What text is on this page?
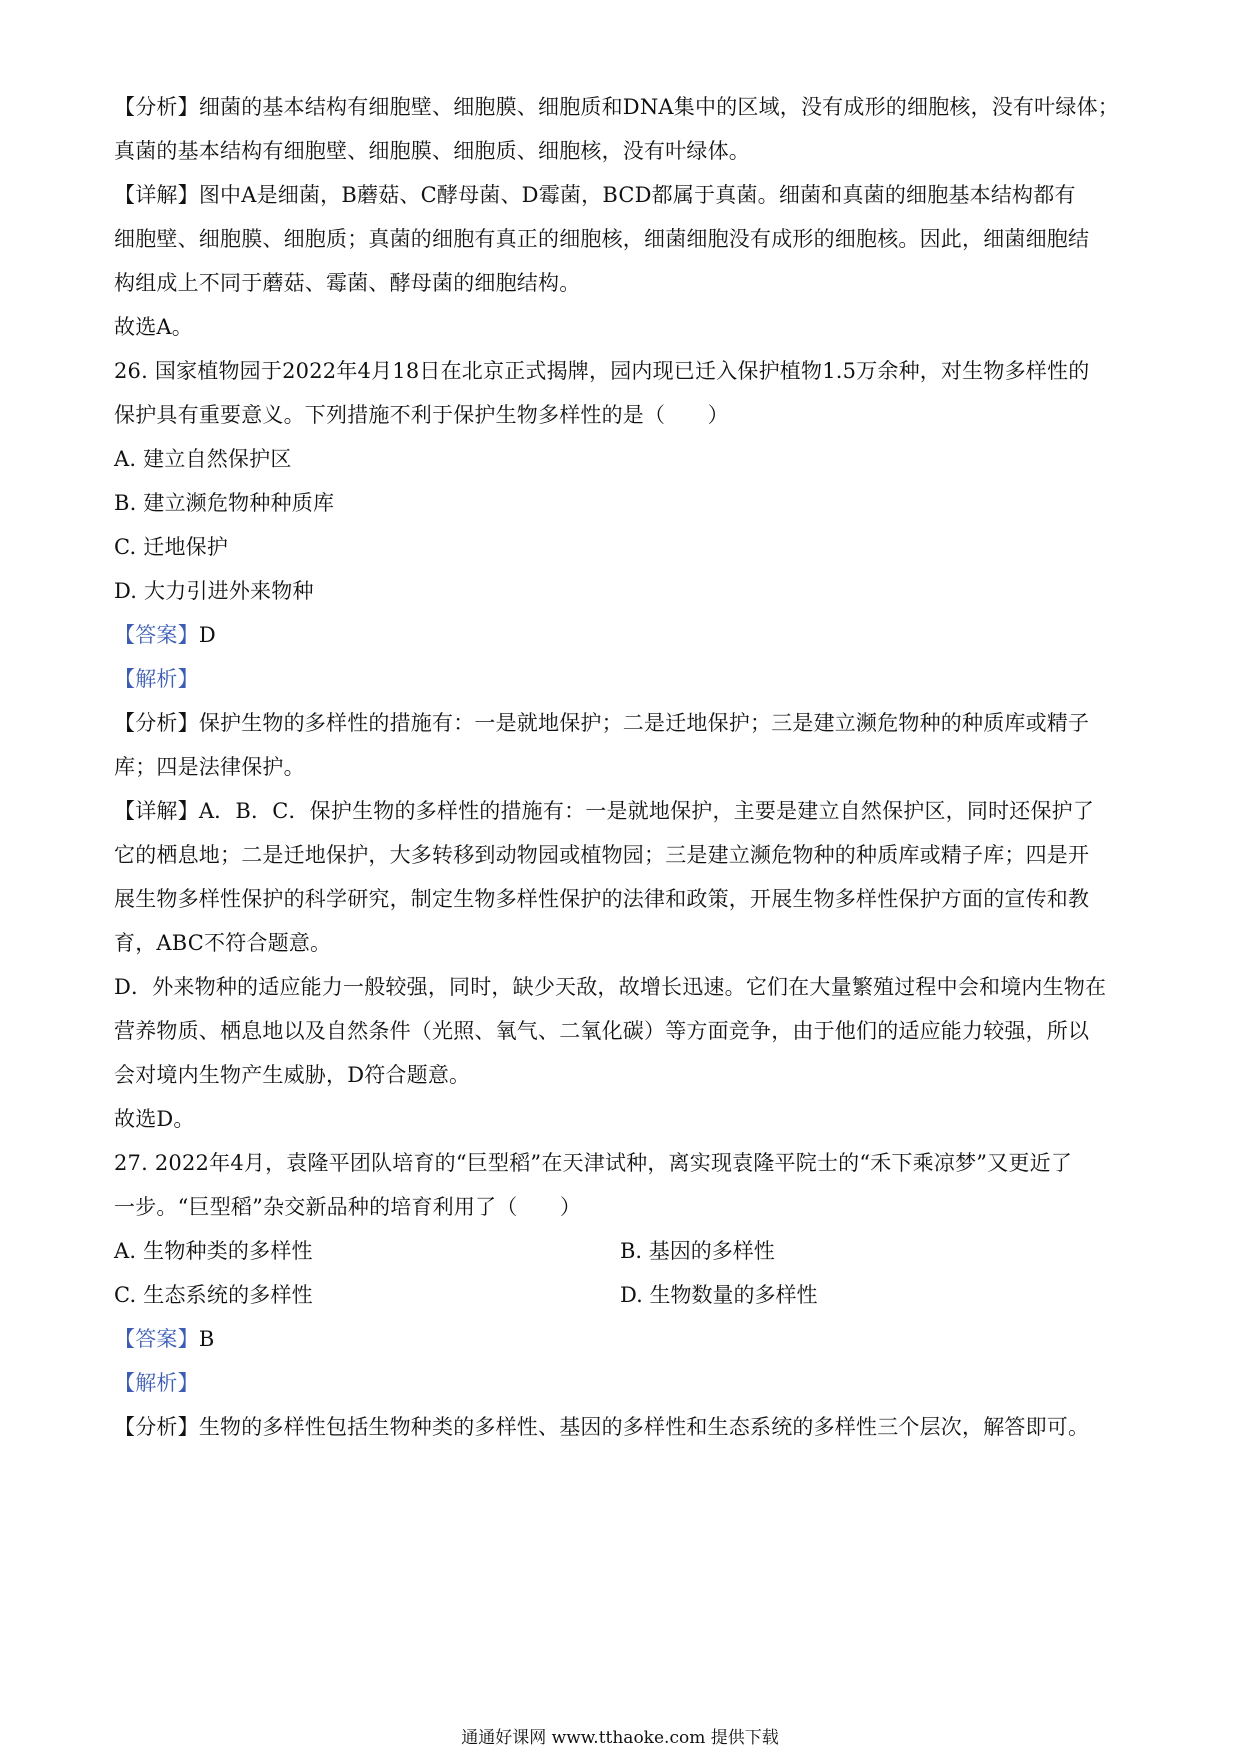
【分析】细菌的基本结构有细胞壁、细胞膜、细胞质和DNA集中的区域，没有成形的细胞核，没有叶绿体；
真菌的基本结构有细胞壁、细胞膜、细胞质、细胞核，没有叶绿体。
【详解】图中A是细菌，B蘑菇、C酵母菌、D霉菌，BCD都属于真菌。细菌和真菌的细胞基本结构都有
细胞壁、细胞膜、细胞质；真菌的细胞有真正的细胞核，细菌细胞没有成形的细胞核。因此，细菌细胞结
构组成上不同于蘑菇、霉菌、酵母菌的细胞结构。
故选A。
26. 国家植物园于2022年4月18日在北京正式揭牌，园内现已迁入保护植物1.5万余种，对生物多样性的
保护具有重要意义。下列措施不利于保护生物多样性的是（　　）
A. 建立自然保护区
B. 建立濒危物种种质库
C. 迁地保护
D. 大力引进外来物种
【答案】D
【解析】
【分析】保护生物的多样性的措施有：一是就地保护；二是迁地保护；三是建立濒危物种的种质库或精子
库；四是法律保护。
【详解】A．B．C．保护生物的多样性的措施有：一是就地保护，主要是建立自然保护区，同时还保护了
它的栖息地；二是迁地保护，大多转移到动物园或植物园；三是建立濒危物种的种质库或精子库；四是开
展生物多样性保护的科学研究，制定生物多样性保护的法律和政策，开展生物多样性保护方面的宣传和教
育，ABC不符合题意。
D．外来物种的适应能力一般较强，同时，缺少天敌，故增长迅速。它们在大量繁殖过程中会和境内生物在
营养物质、栖息地以及自然条件（光照、氧气、二氧化碳）等方面竞争，由于他们的适应能力较强，所以
会对境内生物产生威胁，D符合题意。
故选D。
27. 2022年4月，袁隆平团队培育的“巨型稻”在天津试种，离实现袁隆平院士的“禾下乘凉梦”又更近了
一步。“巨型稻”杂交新品种的培育利用了（　　）
A. 生物种类的多样性	B. 基因的多样性
C. 生态系统的多样性	D. 生物数量的多样性
【答案】B
【解析】
【分析】生物的多样性包括生物种类的多样性、基因的多样性和生态系统的多样性三个层次，解答即可。
通通好课网 www.tthaoke.com 提供下载
